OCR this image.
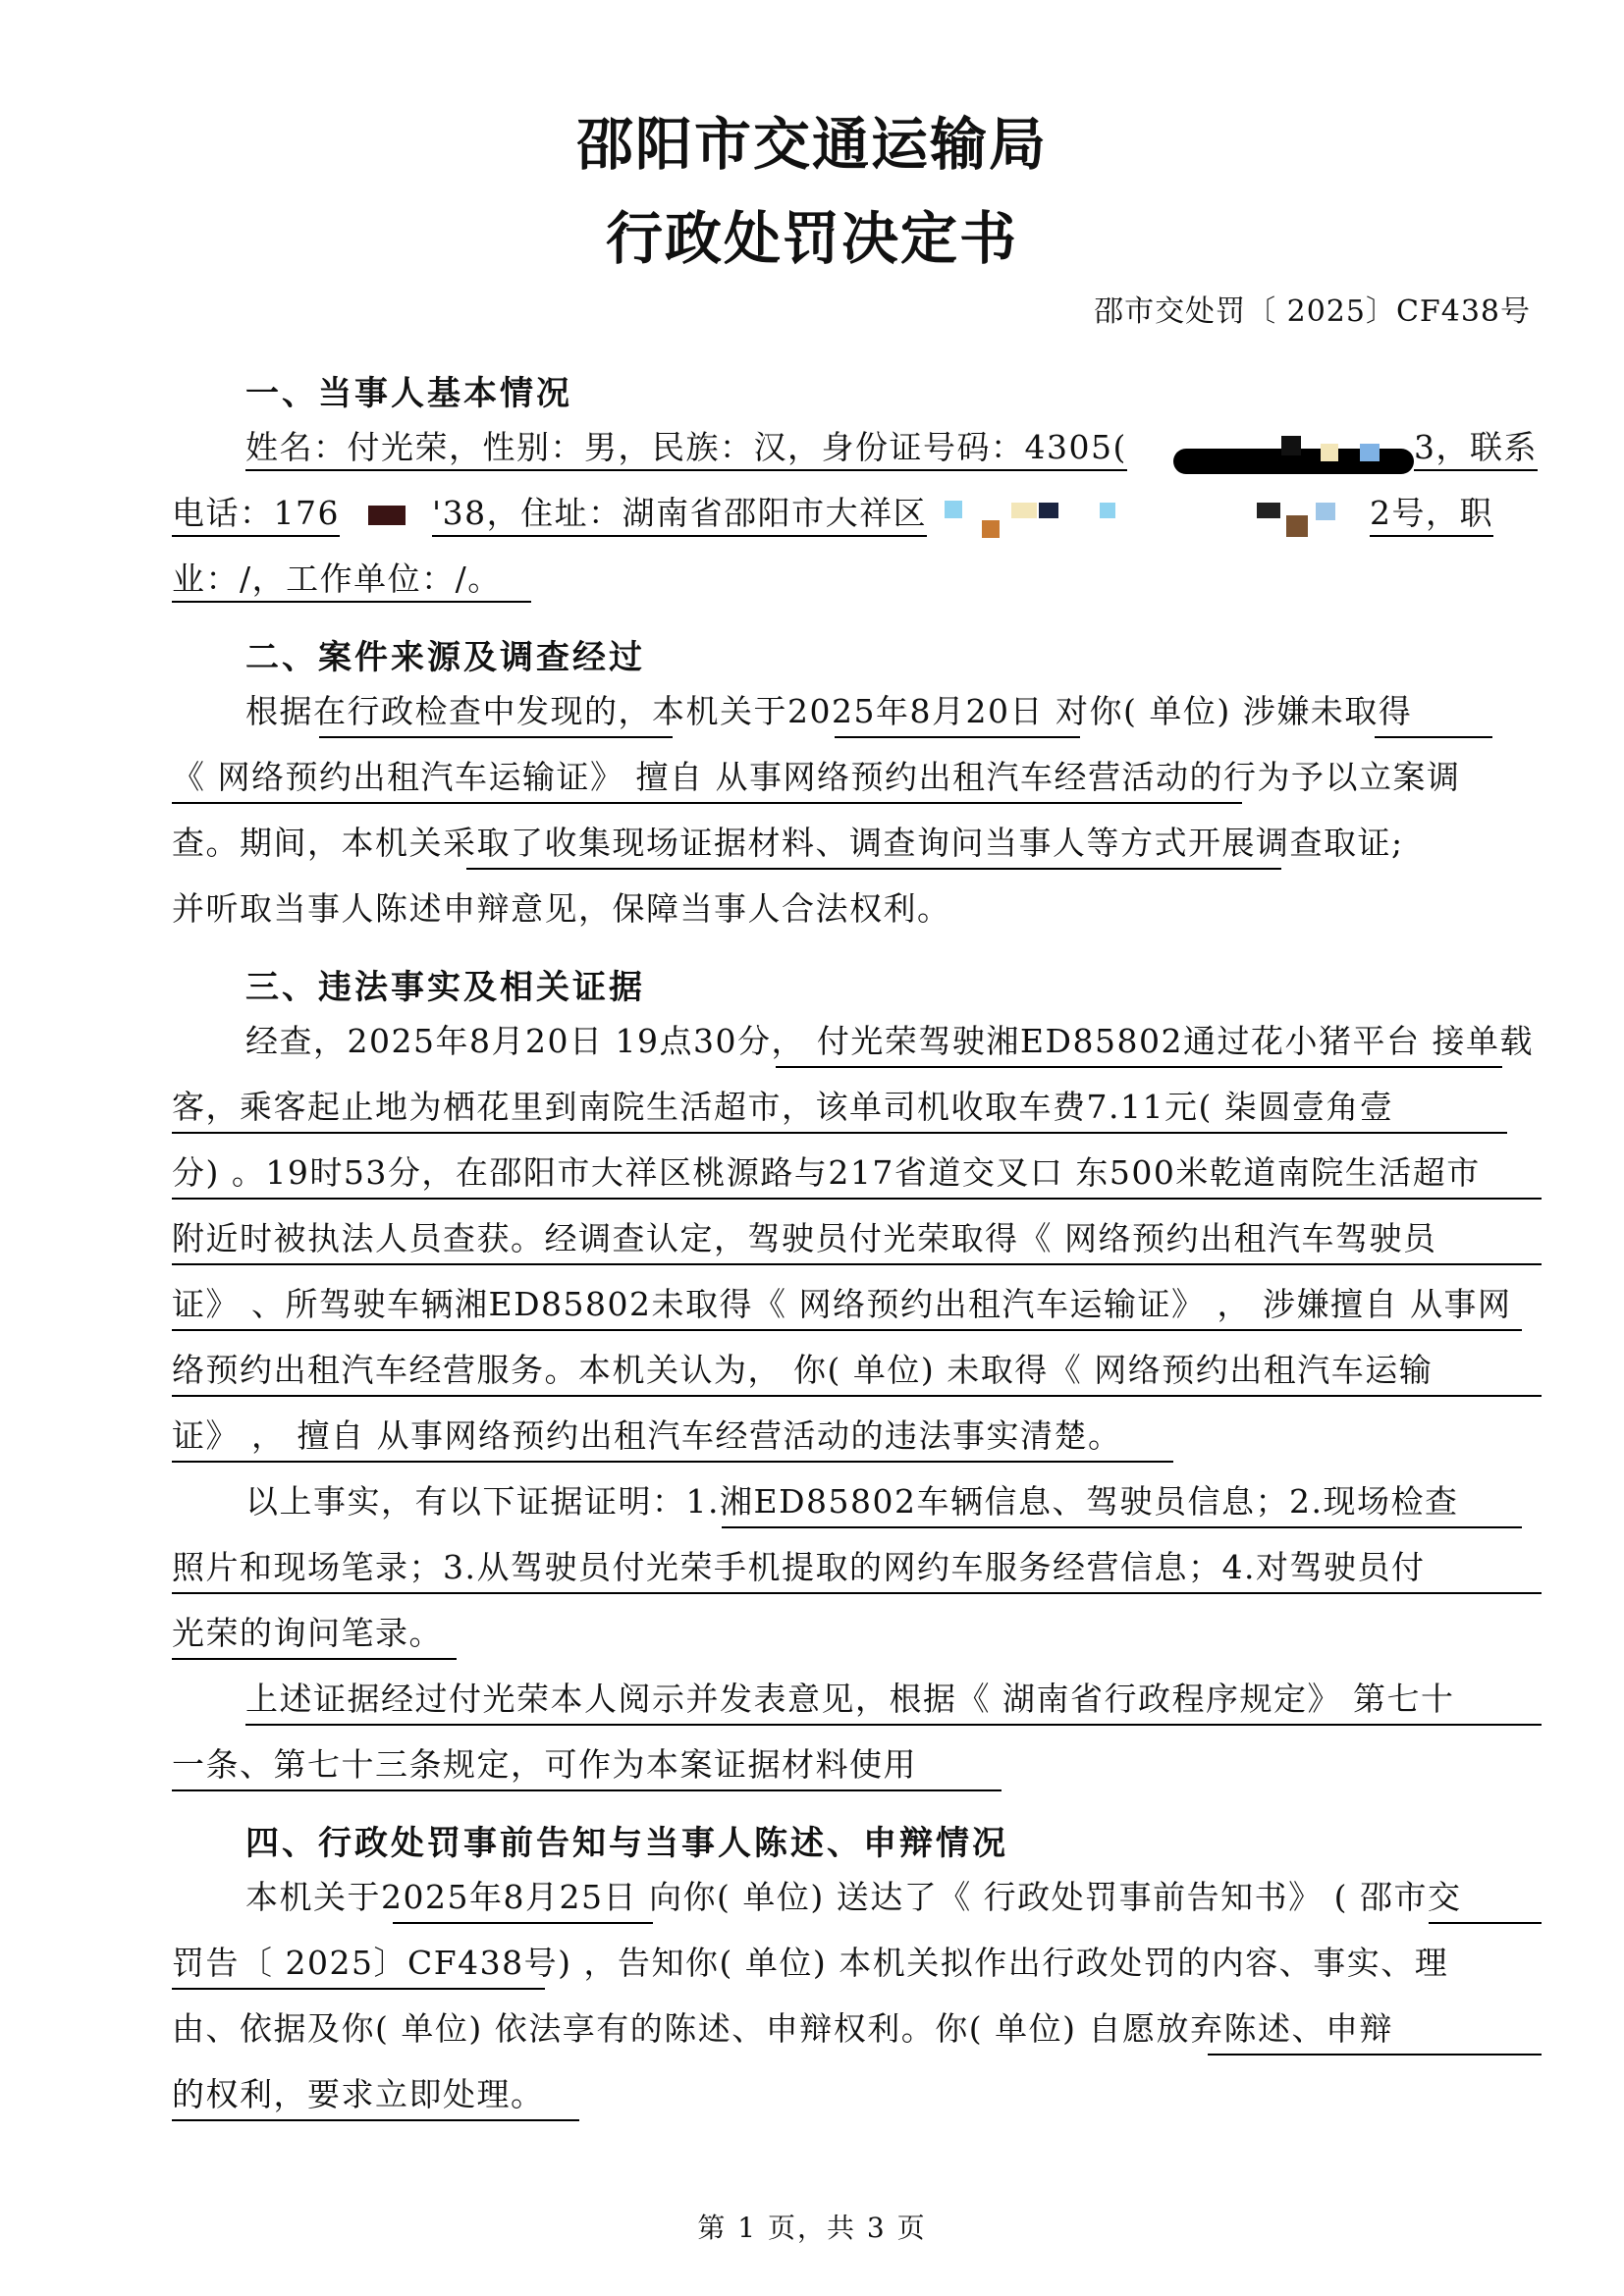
邵阳市交通运输局
行政处罚决定书
邵市交处罚〔 2025〕CF438号
一、当事人基本情况
姓名：付光荣，性别：男，民族：汉，身份证号码：4305(	3，联系
电话：176	'38，住址：湖南省邵阳市大祥区	2号，职
业：/，工作单位：/。
二、案件来源及调查经过
根据在行政检查中发现的，本机关于2025年8月20日 对你( 单位) 涉嫌未取得
《 网络预约出租汽车运输证》 擅自 从事网络预约出租汽车经营活动的行为予以立案调
查。期间，本机关采取了收集现场证据材料、调查询问当事人等方式开展调查取证;
并听取当事人陈述申辩意见，保障当事人合法权利。
三、违法事实及相关证据
经查，2025年8月20日 19点30分， 付光荣驾驶湘ED85802通过花小猪平台 接单载
客，乘客起止地为栖花里到南院生活超市，该单司机收取车费7.11元( 柒圆壹角壹
分) 。19时53分，在邵阳市大祥区桃源路与217省道交叉口 东500米乾道南院生活超市
附近时被执法人员查获。经调查认定，驾驶员付光荣取得《 网络预约出租汽车驾驶员
证》 、所驾驶车辆湘ED85802未取得《 网络预约出租汽车运输证》 ， 涉嫌擅自 从事网
络预约出租汽车经营服务。本机关认为， 你( 单位) 未取得《 网络预约出租汽车运输
证》 ， 擅自 从事网络预约出租汽车经营活动的违法事实清楚。
以上事实，有以下证据证明：1.湘ED85802车辆信息、驾驶员信息；2.现场检查
照片和现场笔录；3.从驾驶员付光荣手机提取的网约车服务经营信息；4.对驾驶员付
光荣的询问笔录。
上述证据经过付光荣本人阅示并发表意见，根据《 湖南省行政程序规定》 第七十
一条、第七十三条规定，可作为本案证据材料使用
四、行政处罚事前告知与当事人陈述、申辩情况
本机关于2025年8月25日 向你( 单位) 送达了《 行政处罚事前告知书》 ( 邵市交
罚告〔 2025〕CF438号) ，告知你( 单位) 本机关拟作出行政处罚的内容、事实、理
由、依据及你( 单位) 依法享有的陈述、申辩权利。你( 单位) 自愿放弃陈述、申辩
的权利，要求立即处理。
第 1 页，共 3 页
